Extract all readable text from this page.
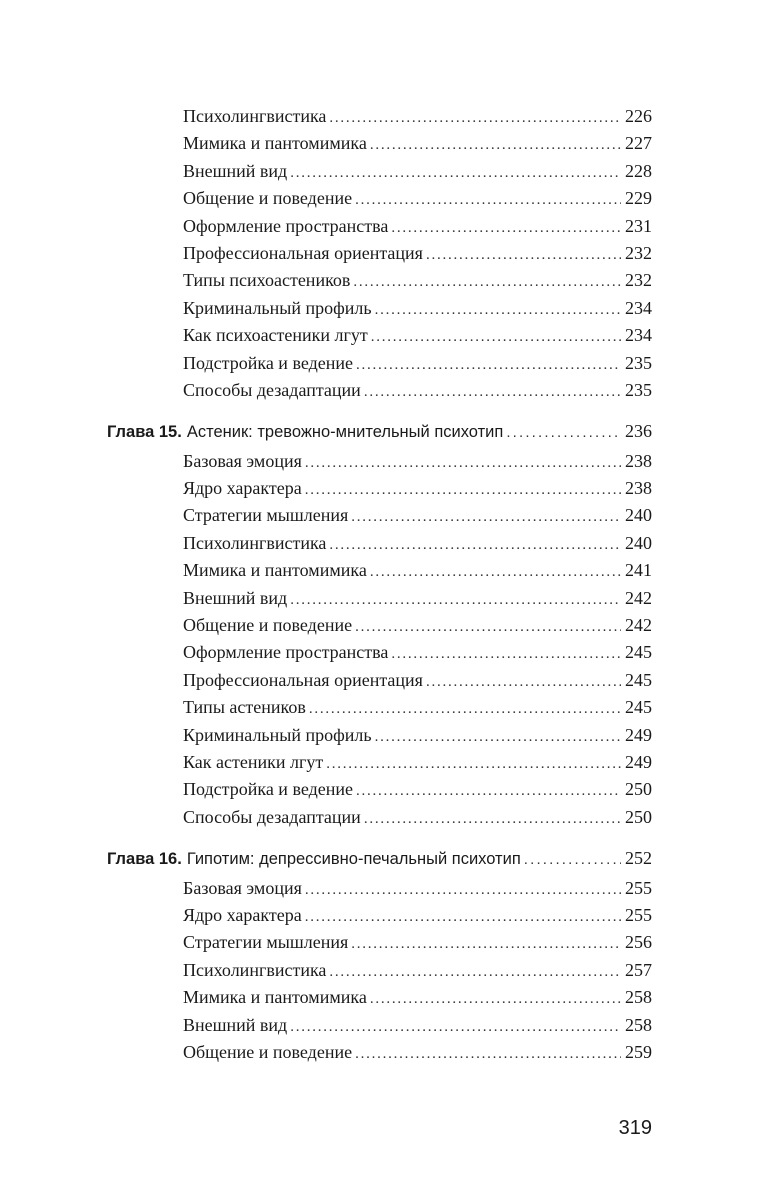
Психолингвистика . . .	226
Мимика и пантомимика . . .	227
Внешний вид . . .	228
Общение и поведение . . .	229
Оформление пространства . . .	231
Профессиональная ориентация . . .	232
Типы психоастеников . . .	232
Криминальный профиль . . .	234
Как психоастеники лгут . . .	234
Подстройка и ведение . . .	235
Способы дезадаптации . . .	235
Глава 15. Астеник: тревожно-мнительный психотип . . .	236
Базовая эмоция . . .	238
Ядро характера . . .	238
Стратегии мышления . . .	240
Психолингвистика . . .	240
Мимика и пантомимика . . .	241
Внешний вид . . .	242
Общение и поведение . . .	242
Оформление пространства . . .	245
Профессиональная ориентация . . .	245
Типы астеников . . .	245
Криминальный профиль . . .	249
Как астеники лгут . . .	249
Подстройка и ведение . . .	250
Способы дезадаптации . . .	250
Глава 16. Гипотим: депрессивно-печальный психотип . . .	252
Базовая эмоция . . .	255
Ядро характера . . .	255
Стратегии мышления . . .	256
Психолингвистика . . .	257
Мимика и пантомимика . . .	258
Внешний вид . . .	258
Общение и поведение . . .	259
319
